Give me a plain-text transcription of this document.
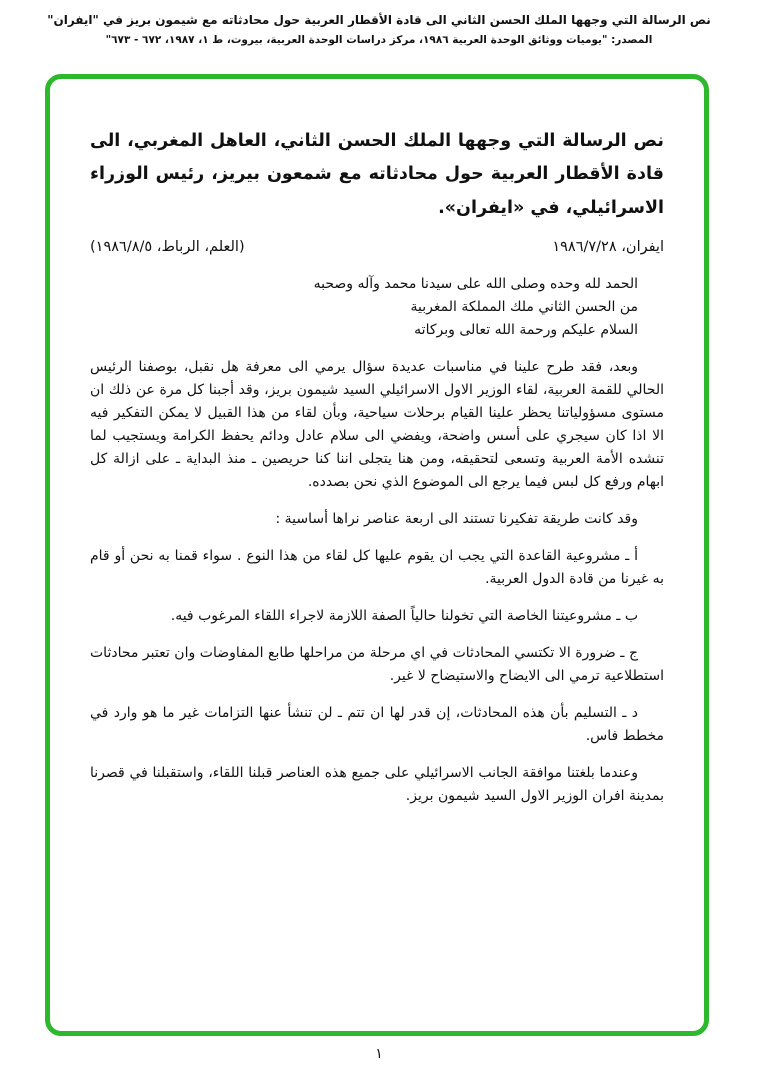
نص الرسالة التي وجهها الملك الحسن الثاني الى قادة الأقطار العربية حول محادثاته مع شيمون بريز في "ايفران"
المصدر: "يوميات ووثائق الوحدة العربية ١٩٨٦، مركز دراسات الوحدة العربية، بيروت، ط ١، ١٩٨٧، ٦٧٢ - ٦٧٣"
نص الرسالة التي وجهها الملك الحسن الثاني، العاهل المغربي، الى قادة الأقطار العربية حول محادثاته مع شمعون بيريز، رئيس الوزراء الاسرائيلي، في «ايفران».
ايفران، ١٩٨٦/٧/٢٨
(العلم، الرباط، ١٩٨٦/٨/٥)

الحمد لله وحده وصلى الله على سيدنا محمد وآله وصحبه

من الحسن الثاني ملك المملكة المغربية

السلام عليكم ورحمة الله تعالى وبركاته

وبعد، فقد طرح علينا في مناسبات عديدة سؤال يرمي الى معرفة هل نقبل، بوصفنا الرئيس الحالي للقمة العربية، لقاء الوزير الاول الاسرائيلي السيد شيمون بريز، وقد أجبنا كل مرة عن ذلك ان مستوى مسؤولياتنا يحظر علينا القيام برحلات سياحية، وبأن لقاء من هذا القبيل لا يمكن التفكير فيه الا اذا كان سيجري على أسس واضحة، ويفضي الى سلام عادل ودائم يحفظ الكرامة ويستجيب لما تنشده الأمة العربية وتسعى لتحقيقه، ومن هنا يتجلى اننا كنا حريصين ـ منذ البداية ـ على ازالة كل ابهام ورفع كل لبس فيما يرجع الى الموضوع الذي نحن بصدده.

وقد كانت طريقة تفكيرنا تستند الى اربعة عناصر نراها أساسية :

أ ـ مشروعية القاعدة التي يجب ان يقوم عليها كل لقاء من هذا النوع . سواء قمنا به نحن أو قام به غيرنا من قادة الدول العربية.

ب ـ مشروعيتنا الخاصة التي تخولنا حالياً الصفة اللازمة لاجراء اللقاء المرغوب فيه.

ج ـ ضرورة الا تكتسي المحادثات في اي مرحلة من مراحلها طابع المفاوضات وان تعتبر محادثات استطلاعية ترمي الى الايضاح والاستيضاح لا غير.

د ـ التسليم بأن هذه المحادثات، إن قدر لها ان تتم ـ لن تنشأ عنها التزامات غير ما هو وارد في مخطط فاس.

وعندما بلغتنا موافقة الجانب الاسرائيلي على جميع هذه العناصر قبلنا اللقاء، واستقبلنا في قصرنا بمدينة افران الوزير الاول السيد شيمون بريز.

١
